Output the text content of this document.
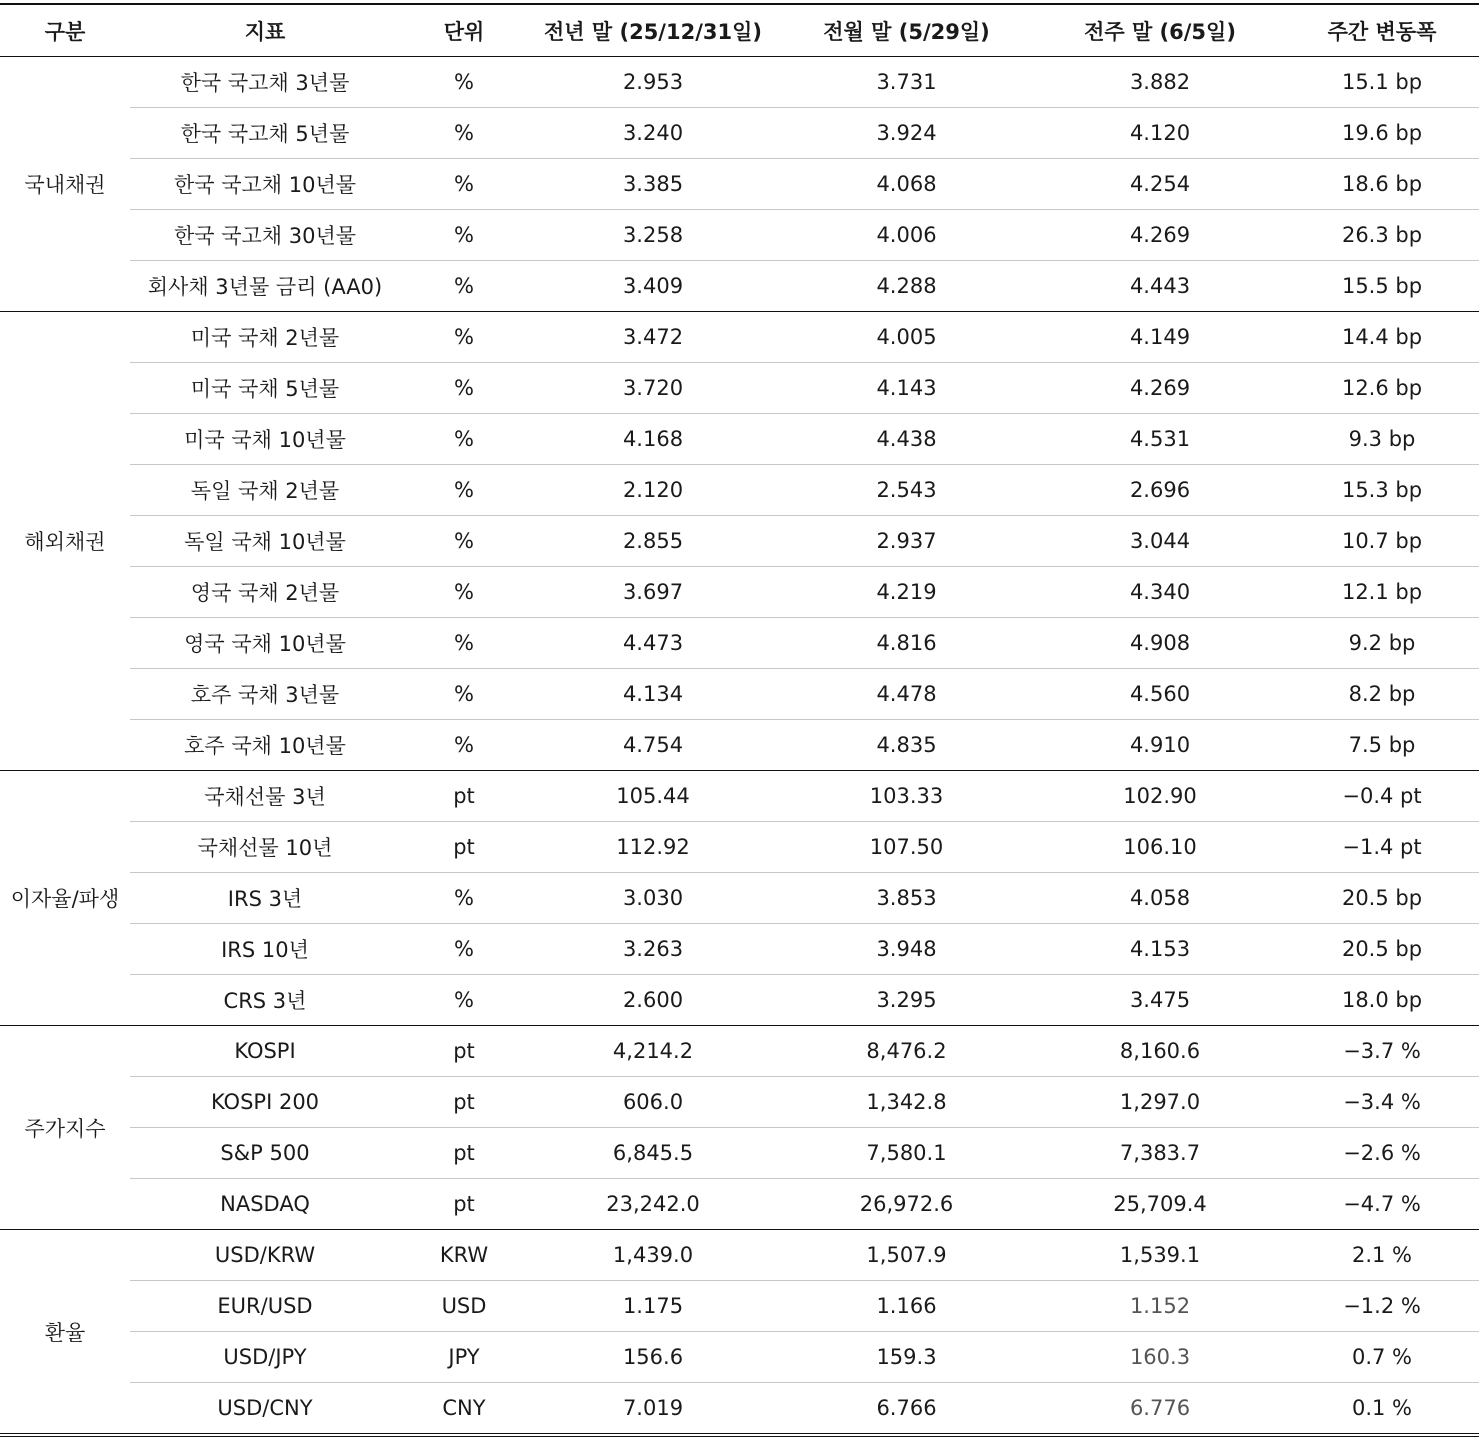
구분	지표	단위	전년 말 (25/12/31일)	전월 말 (5/29일)	전주 말 (6/5일)	주간 변동폭
국내채권	한국 국고채 3년물	%	2.953	3.731	3.882	15.1 bp
	한국 국고채 5년물	%	3.240	3.924	4.120	19.6 bp
	한국 국고채 10년물	%	3.385	4.068	4.254	18.6 bp
	한국 국고채 30년물	%	3.258	4.006	4.269	26.3 bp
	회사채 3년물 금리 (AA0)	%	3.409	4.288	4.443	15.5 bp
해외채권	미국 국채 2년물	%	3.472	4.005	4.149	14.4 bp
	미국 국채 5년물	%	3.720	4.143	4.269	12.6 bp
	미국 국채 10년물	%	4.168	4.438	4.531	9.3 bp
	독일 국채 2년물	%	2.120	2.543	2.696	15.3 bp
	독일 국채 10년물	%	2.855	2.937	3.044	10.7 bp
	영국 국채 2년물	%	3.697	4.219	4.340	12.1 bp
	영국 국채 10년물	%	4.473	4.816	4.908	9.2 bp
	호주 국채 3년물	%	4.134	4.478	4.560	8.2 bp
	호주 국채 10년물	%	4.754	4.835	4.910	7.5 bp
이자율/파생	국채선물 3년	pt	105.44	103.33	102.90	−0.4 pt
	국채선물 10년	pt	112.92	107.50	106.10	−1.4 pt
	IRS 3년	%	3.030	3.853	4.058	20.5 bp
	IRS 10년	%	3.263	3.948	4.153	20.5 bp
	CRS 3년	%	2.600	3.295	3.475	18.0 bp
주가지수	KOSPI	pt	4,214.2	8,476.2	8,160.6	−3.7 %
	KOSPI 200	pt	606.0	1,342.8	1,297.0	−3.4 %
	S&P 500	pt	6,845.5	7,580.1	7,383.7	−2.6 %
	NASDAQ	pt	23,242.0	26,972.6	25,709.4	−4.7 %
환율	USD/KRW	KRW	1,439.0	1,507.9	1,539.1	2.1 %
	EUR/USD	USD	1.175	1.166	1.152	−1.2 %
	USD/JPY	JPY	156.6	159.3	160.3	0.7 %
	USD/CNY	CNY	7.019	6.766	6.776	0.1 %
